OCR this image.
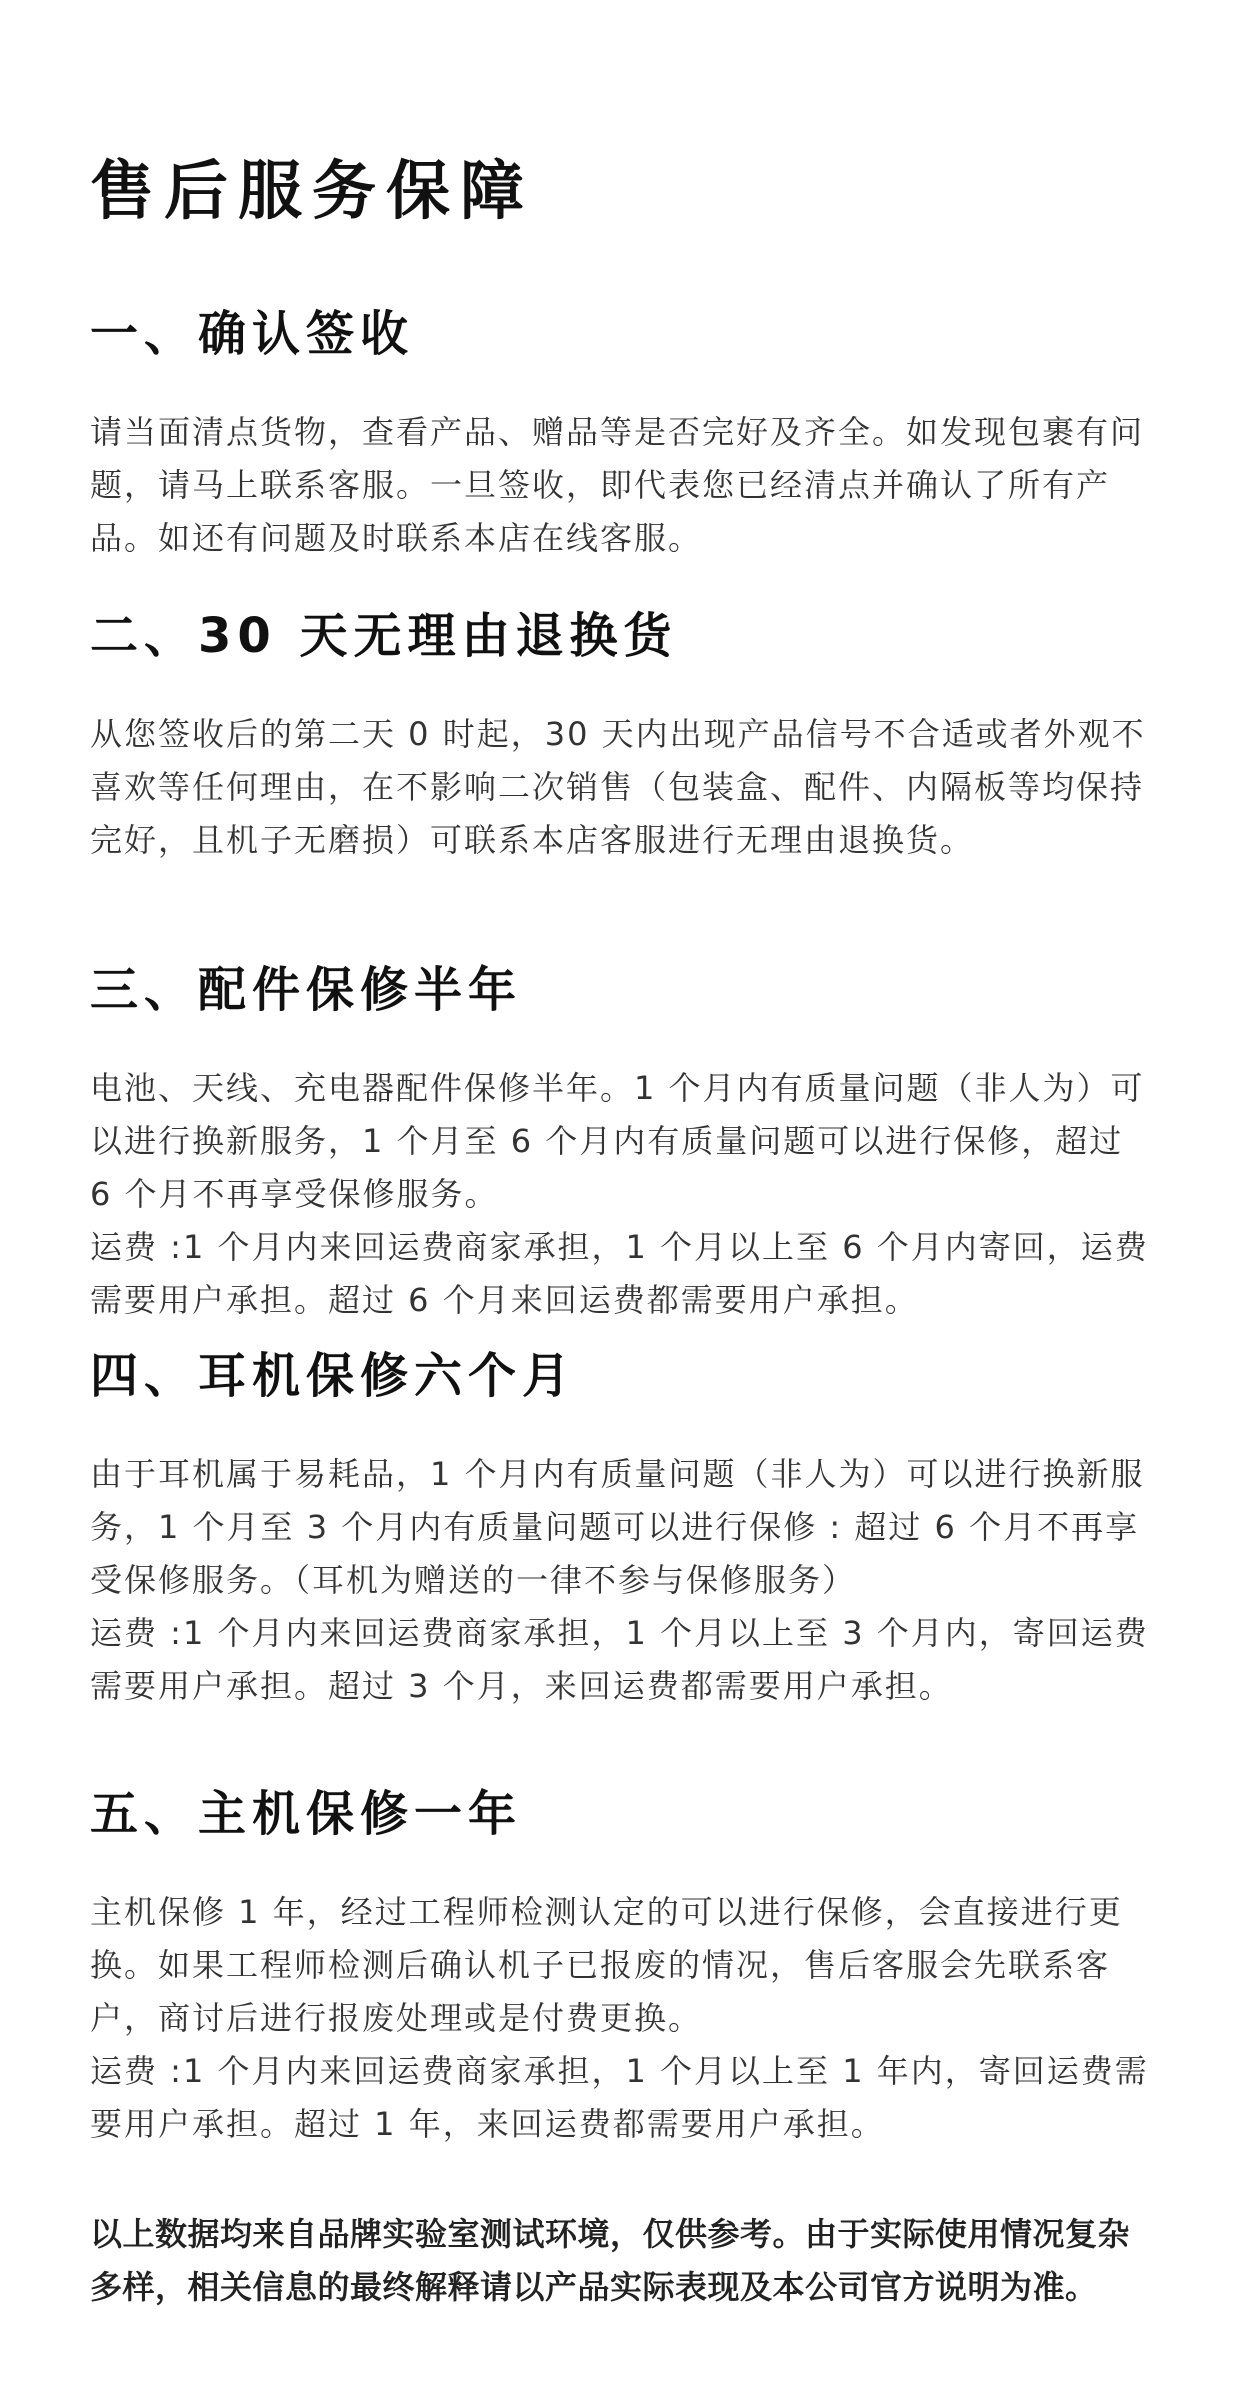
售后服务保障
一、确认签收

请当面清点货物，查看产品、赠品等是否完好及齐全。如发现包裹有问题，请马上联系客服。一旦签收，即代表您已经清点并确认了所有产品。如还有问题及时联系本店在线客服。

二、30 天无理由退换货

从您签收后的第二天 0 时起，30 天内出现产品信号不合适或者外观不喜欢等任何理由，在不影响二次销售（包装盒、配件、内隔板等均保持完好，且机子无磨损）可联系本店客服进行无理由退换货。

三、配件保修半年

电池、天线、充电器配件保修半年。1 个月内有质量问题（非人为）可以进行换新服务，1 个月至 6 个月内有质量问题可以进行保修，超过 6 个月不再享受保修服务。

运费 :1 个月内来回运费商家承担，1 个月以上至 6 个月内寄回，运费需要用户承担。超过 6 个月来回运费都需要用户承担。

四、耳机保修六个月

由于耳机属于易耗品，1 个月内有质量问题（非人为）可以进行换新服务，1 个月至 3 个月内有质量问题可以进行保修 : 超过 6 个月不再享受保修服务。（耳机为赠送的一律不参与保修服务）

运费 :1 个月内来回运费商家承担，1 个月以上至 3 个月内，寄回运费需要用户承担。超过 3 个月，来回运费都需要用户承担。

五、主机保修一年

主机保修 1 年，经过工程师检测认定的可以进行保修，会直接进行更换。如果工程师检测后确认机子已报废的情况，售后客服会先联系客户，商讨后进行报废处理或是付费更换。

运费 :1 个月内来回运费商家承担，1 个月以上至 1 年内，寄回运费需要用户承担。超过 1 年，来回运费都需要用户承担。

以上数据均来自品牌实验室测试环境，仅供参考。由于实际使用情况复杂多样，相关信息的最终解释请以产品实际表现及本公司官方说明为准。
